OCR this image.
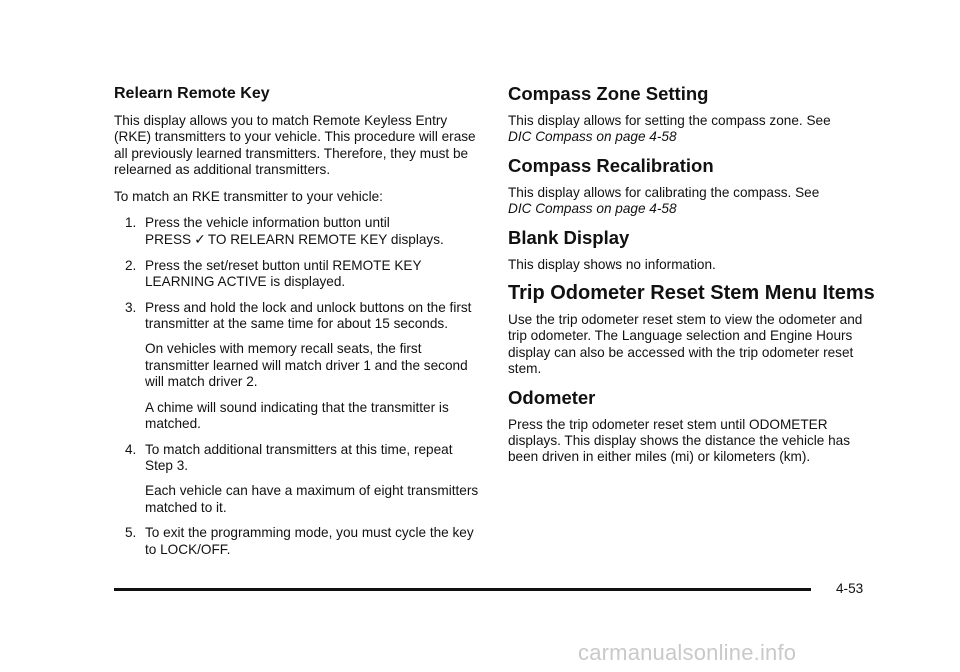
Relearn Remote Key

This display allows you to match Remote Keyless Entry (RKE) transmitters to your vehicle. This procedure will erase all previously learned transmitters. Therefore, they must be relearned as additional transmitters.

To match an RKE transmitter to your vehicle:

1. Press the vehicle information button until
PRESS ✓ TO RELEARN REMOTE KEY displays.

2. Press the set/reset button until REMOTE KEY LEARNING ACTIVE is displayed.

3. Press and hold the lock and unlock buttons on the first transmitter at the same time for about 15 seconds.

On vehicles with memory recall seats, the first transmitter learned will match driver 1 and the second will match driver 2.

A chime will sound indicating that the transmitter is matched.

4. To match additional transmitters at this time, repeat Step 3.

Each vehicle can have a maximum of eight transmitters matched to it.

5. To exit the programming mode, you must cycle the key to LOCK/OFF.

Compass Zone Setting

This display allows for setting the compass zone. See
DIC Compass on page 4-58

Compass Recalibration

This display allows for calibrating the compass. See
DIC Compass on page 4-58

Blank Display

This display shows no information.

Trip Odometer Reset Stem Menu Items

Use the trip odometer reset stem to view the odometer and trip odometer. The Language selection and Engine Hours display can also be accessed with the trip odometer reset stem.

Odometer

Press the trip odometer reset stem until ODOMETER displays. This display shows the distance the vehicle has been driven in either miles (mi) or kilometers (km).

4-53
carmanualsonline.info
